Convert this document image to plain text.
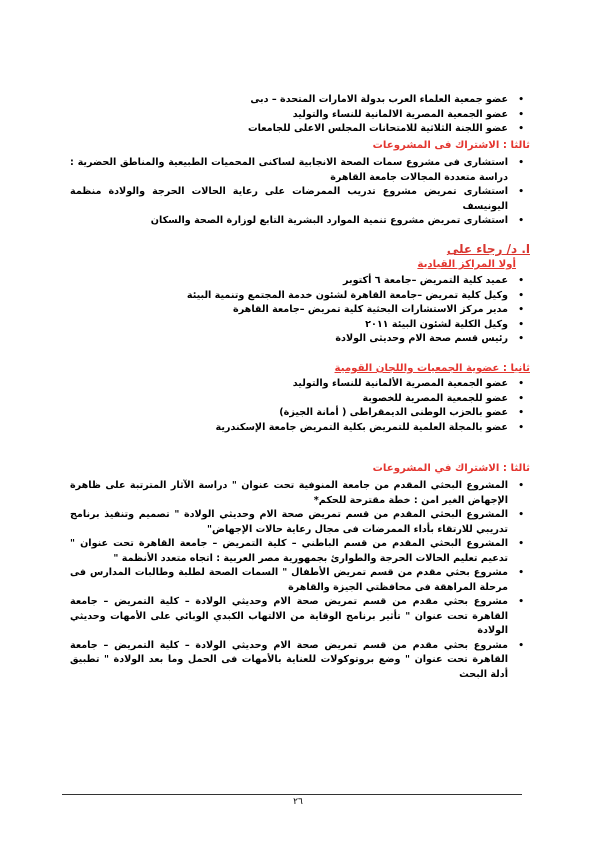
•
عضو جمعية العلماء العرب بدولة الامارات المتحدة – دبى
•
عضو الجمعية المصرية الالمانية للنساء والتوليد
•
عضو اللجنة الثلاثية للامتحانات المجلس الاعلى للجامعات
ثالثا : الاشتراك فى المشروعات
•
استشارى فى مشروع سمات الصحة الانجابية لساكنى المحميات الطبيعية والمناطق الحضرية : دراسة متعددة المجالات جامعة القاهرة
•
استشارى تمريض مشروع تدريب الممرضات على رعاية الحالات الحرجة والولادة منظمة اليونيسف
•
استشارى تمريض مشروع تنمية الموارد البشرية التابع لوزارة الصحة والسكان
ا. د/ رجاء على
أولا المراكز القيادية
•
عميد كلية التمريض –جامعة ٦ أكتوبر
•
وكيل كلية تمريض –جامعة القاهرة لشئون خدمة المجتمع وتنمية البيئة
•
مدير مركز الاستشارات البحثية كلية تمريض –جامعة القاهرة
•
وكيل الكلية لشئون البيئة ٢٠١١
•
رئيس قسم صحة الام وحديثى الولادة
ثانيا : عضوية الجمعيات واللجان القومية
•
عضو الجمعية المصرية الألمانية للنساء والتوليد
•
عضو للجمعية المصرية للخصوبة
•
عضو بالحزب الوطنى الديمقراطى ( أمانة الجيزة)
•
عضو بالمجلة العلمية للتمريض بكلية التمريض جامعة الإسكندرية
ثالثا : الاشتراك في المشروعات
•
المشروع البحثي المقدم من جامعة المنوفية تحت عنوان " دراسة الآثار المترتبة على ظاهرة الإجهاض الغير امن : خطة مقترحة للحكم*
•
المشروع البحثي المقدم من قسم تمريض صحة الام وحديثي الولادة " تصميم وتنفيذ برنامج تدريبي للارتقاء بأداء الممرضات فى مجال رعاية حالات الإجهاض"
•
المشروع البحثي المقدم من قسم الباطني – كلية التمريض – جامعة القاهرة تحت عنوان " تدعيم تعليم الحالات الحرجة والطوارئ بجمهورية مصر العربية : اتجاه متعدد الأنظمة "
•
مشروع بحثي مقدم من قسم تمريض الأطفال " السمات الصحة لطلبة وطالبات المدارس فى مرحلة المراهقة فى محافظتي الجيزة والقاهرة
•
مشروع بحثي مقدم من قسم تمريض صحة الام وحديثي الولادة – كلية التمريض – جامعة القاهرة تحت عنوان " تأثير برنامج الوقاية من الالتهاب الكبدي الوبائي على الأمهات وحديثي الولادة
•
مشروع بحثي مقدم من قسم تمريض صحة الام وحديثي الولادة – كلية التمريض – جامعة القاهرة تحت عنوان " وضع بروتوكولات للعناية بالأمهات فى الحمل وما بعد الولادة " تطبيق أدلة البحث
٢٦
